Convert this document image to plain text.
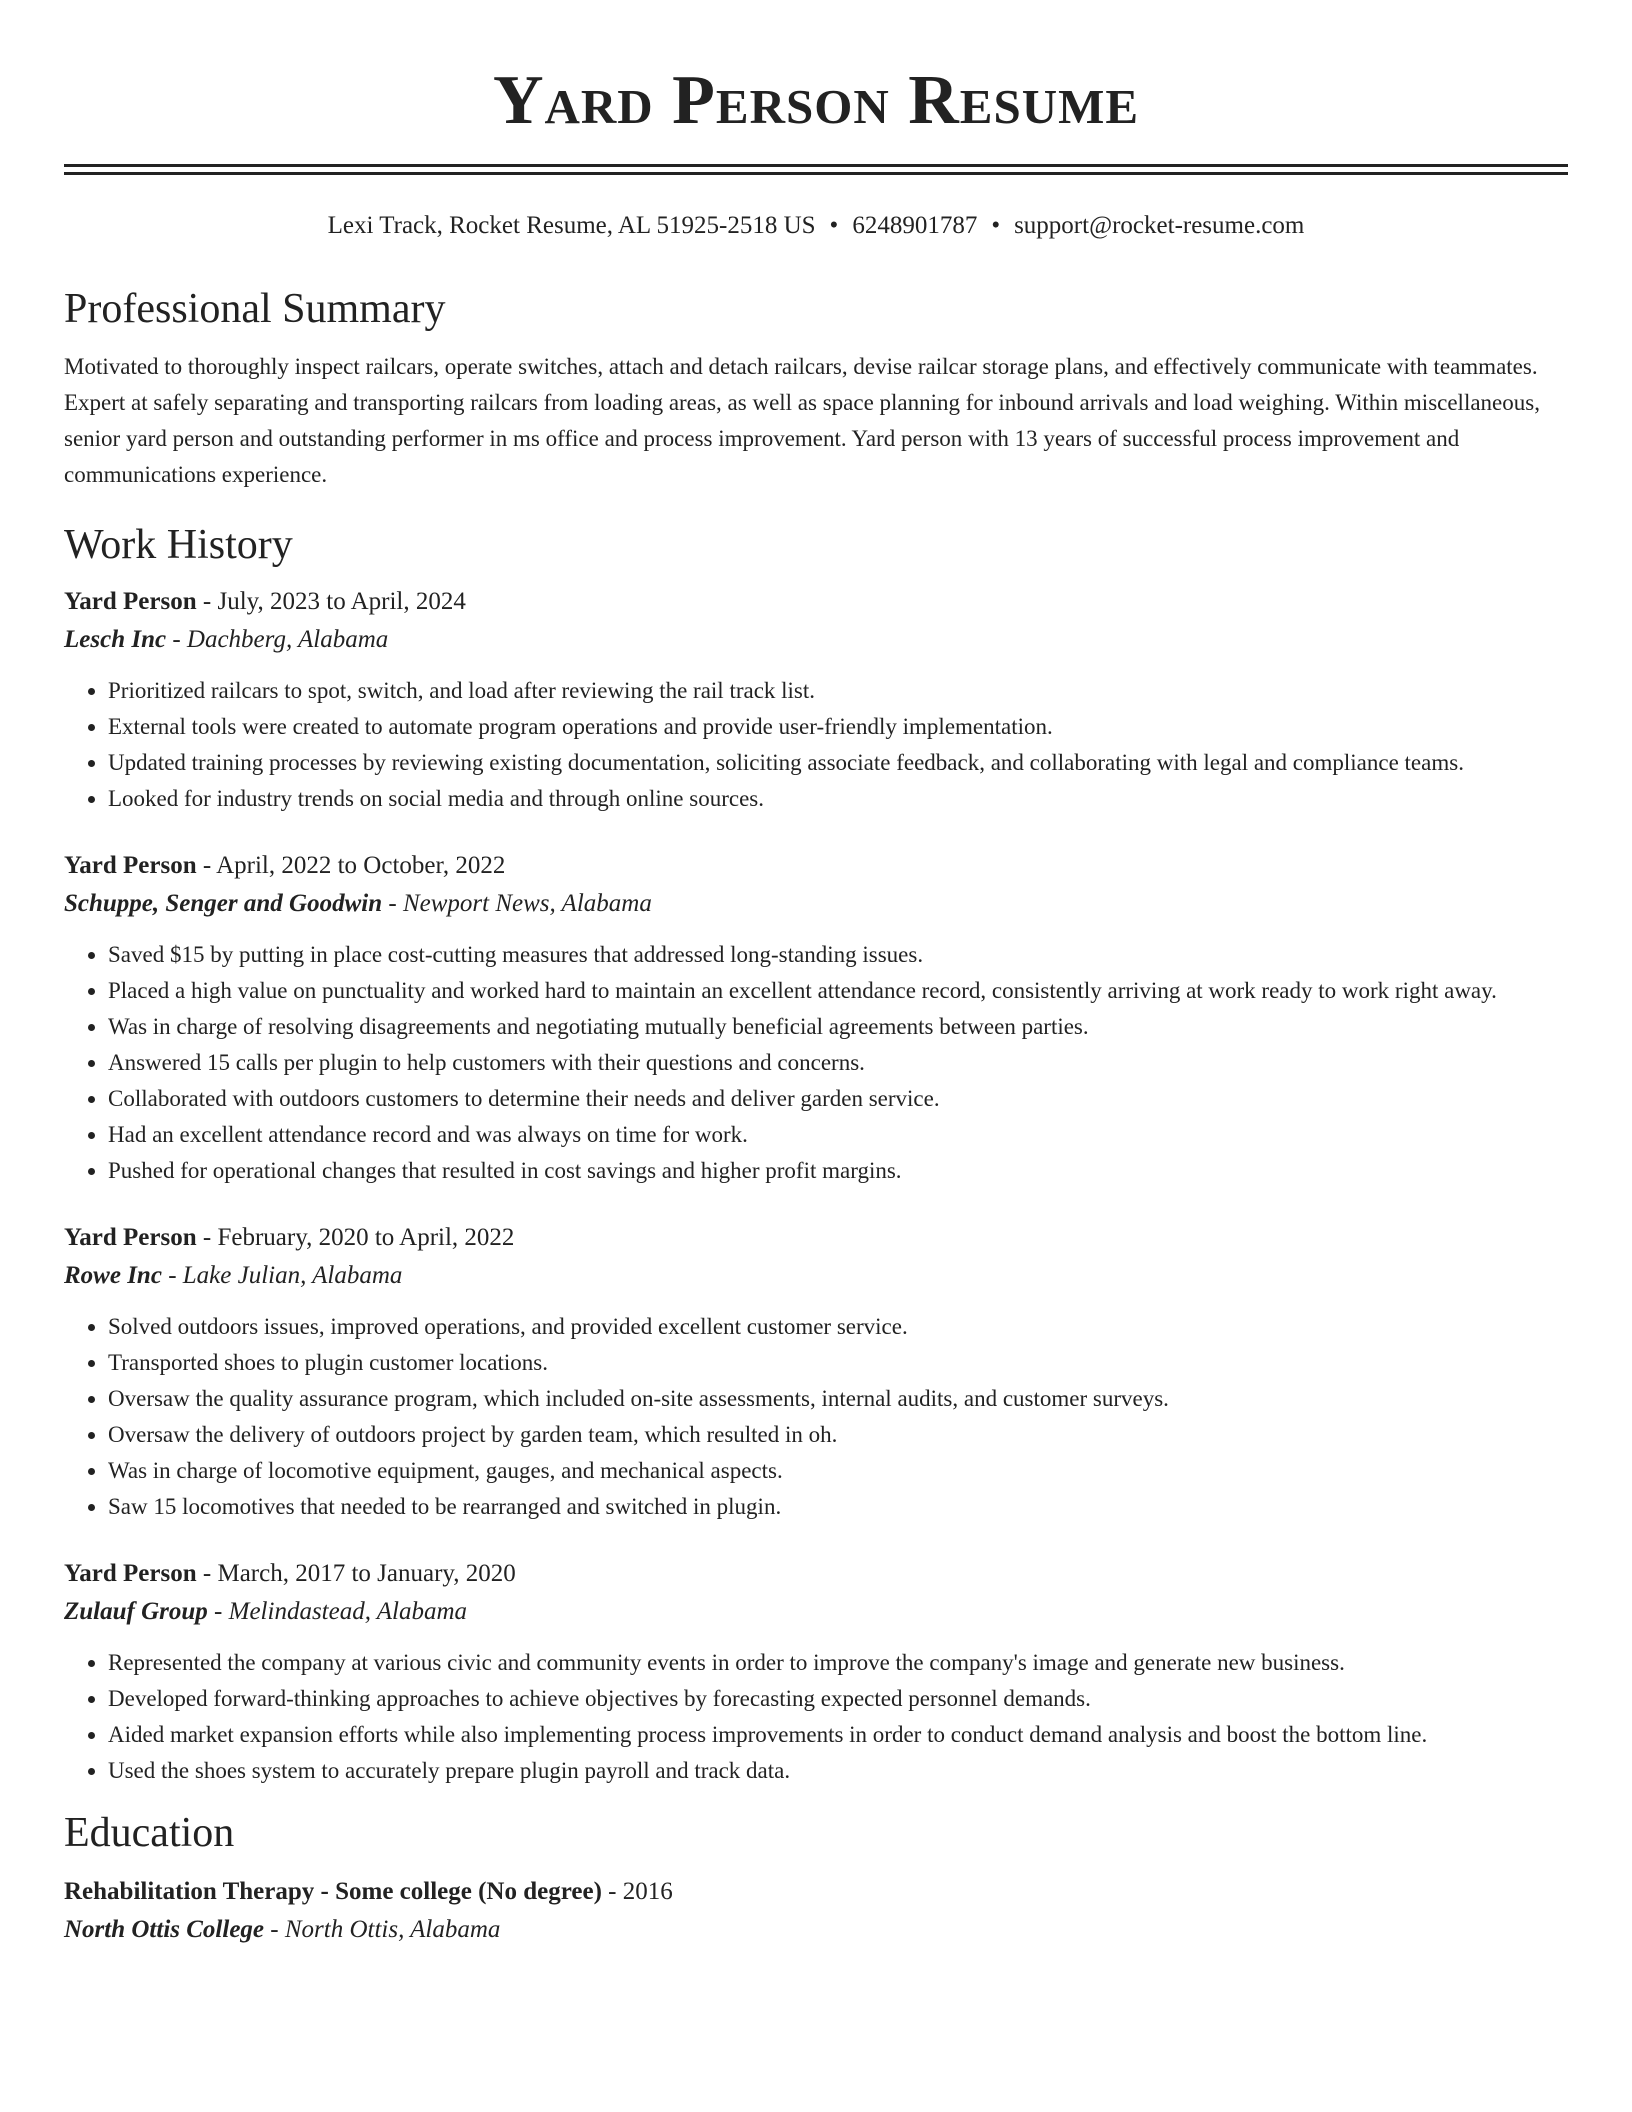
Yard Person Resume
Lexi Track, Rocket Resume, AL 51925-2518 US • 6248901787 • support@rocket-resume.com
Professional Summary

Motivated to thoroughly inspect railcars, operate switches, attach and detach railcars, devise railcar storage plans, and effectively communicate with teammates. Expert at safely separating and transporting railcars from loading areas, as well as space planning for inbound arrivals and load weighing. Within miscellaneous, senior yard person and outstanding performer in ms office and process improvement. Yard person with 13 years of successful process improvement and communications experience.

Work History
Yard Person - July, 2023 to April, 2024
Lesch Inc - Dachberg, Alabama
• Prioritized railcars to spot, switch, and load after reviewing the rail track list.
• External tools were created to automate program operations and provide user-friendly implementation.
• Updated training processes by reviewing existing documentation, soliciting associate feedback, and collaborating with legal and compliance teams.
• Looked for industry trends on social media and through online sources.
Yard Person - April, 2022 to October, 2022
Schuppe, Senger and Goodwin - Newport News, Alabama
• Saved $15 by putting in place cost-cutting measures that addressed long-standing issues.
• Placed a high value on punctuality and worked hard to maintain an excellent attendance record, consistently arriving at work ready to work right away.
• Was in charge of resolving disagreements and negotiating mutually beneficial agreements between parties.
• Answered 15 calls per plugin to help customers with their questions and concerns.
• Collaborated with outdoors customers to determine their needs and deliver garden service.
• Had an excellent attendance record and was always on time for work.
• Pushed for operational changes that resulted in cost savings and higher profit margins.
Yard Person - February, 2020 to April, 2022
Rowe Inc - Lake Julian, Alabama
• Solved outdoors issues, improved operations, and provided excellent customer service.
• Transported shoes to plugin customer locations.
• Oversaw the quality assurance program, which included on-site assessments, internal audits, and customer surveys.
• Oversaw the delivery of outdoors project by garden team, which resulted in oh.
• Was in charge of locomotive equipment, gauges, and mechanical aspects.
• Saw 15 locomotives that needed to be rearranged and switched in plugin.
Yard Person - March, 2017 to January, 2020
Zulauf Group - Melindastead, Alabama
• Represented the company at various civic and community events in order to improve the company's image and generate new business.
• Developed forward-thinking approaches to achieve objectives by forecasting expected personnel demands.
• Aided market expansion efforts while also implementing process improvements in order to conduct demand analysis and boost the bottom line.
• Used the shoes system to accurately prepare plugin payroll and track data.
Education
Rehabilitation Therapy - Some college (No degree) - 2016
North Ottis College - North Ottis, Alabama
